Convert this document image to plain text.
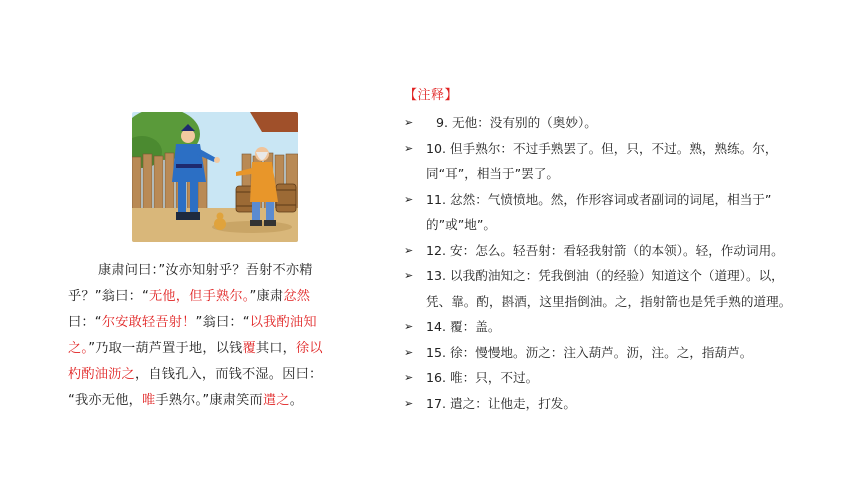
康肃问曰：”汝亦知射乎？吾射不亦精
乎？”翁曰：“无他，但手熟尔。”康肃忿然
曰：“尔安敢轻吾射！”翁曰：“以我酌油知
之。”乃取一葫芦置于地，以钱覆其口，徐以
杓酌油沥之，自钱孔入，而钱不湿。因曰：
“我亦无他，唯手熟尔。”康肃笑而遣之。
【注释】
➢	9. 无他：没有别的（奥妙）。
➢ 10. 但手熟尔：不过手熟罢了。但，只，不过。熟，熟练。尔，
同“耳”，相当于”罢了。
➢ 11. 忿然：气愤愤地。然，作形容词或者副词的词尾，相当于”
的”或”地”。
➢ 12. 安：怎么。轻吾射：看轻我射箭（的本领）。轻，作动词用。
➢ 13. 以我酌油知之：凭我倒油（的经验）知道这个（道理）。以，
凭、靠。酌，斟酒，这里指倒油。之，指射箭也是凭手熟的道理。
➢ 14. 覆：盖。
➢ 15. 徐：慢慢地。沥之：注入葫芦。沥，注。之，指葫芦。
➢ 16. 唯：只，不过。
➢ 17. 遣之：让他走，打发。
